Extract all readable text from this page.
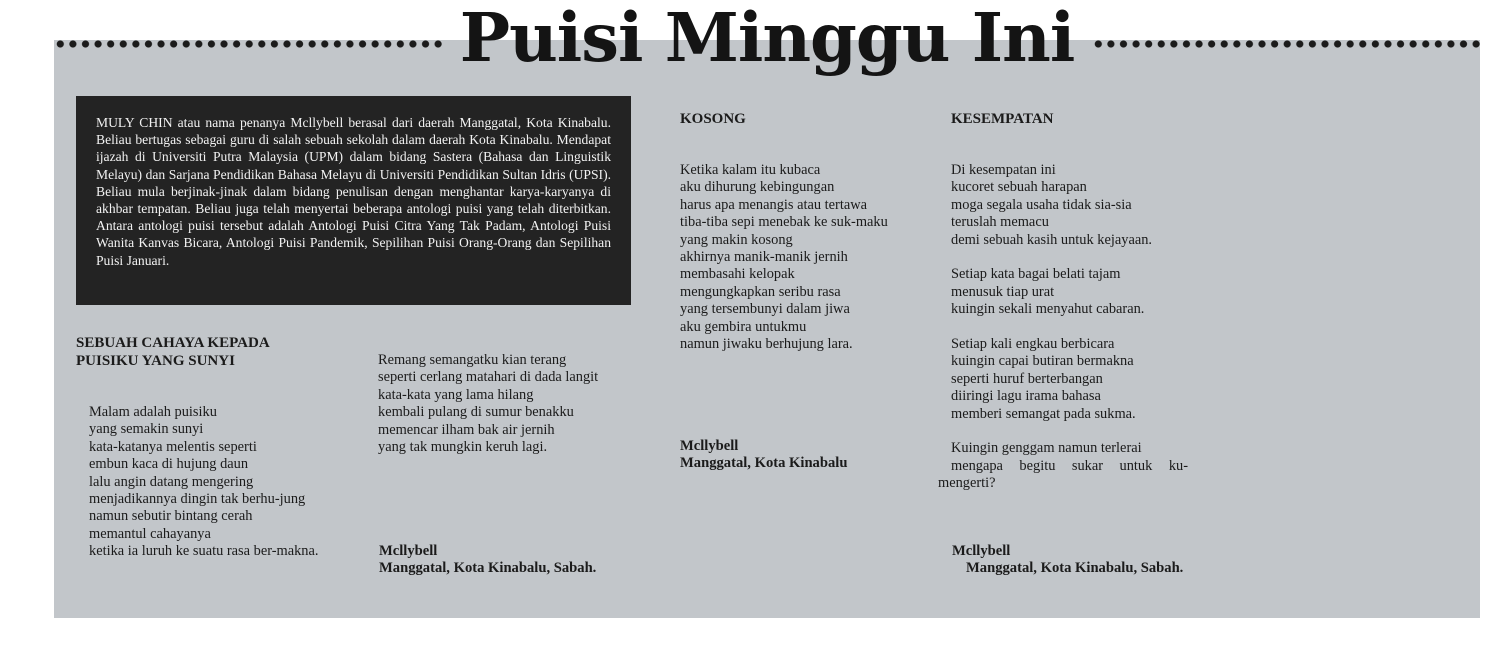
Puisi Minggu Ini
MULY CHIN atau nama penanya Mcllybell berasal dari daerah Manggatal, Kota Kinabalu. Beliau bertugas sebagai guru di salah sebuah sekolah dalam daerah Kota Kinabalu. Mendapat ijazah di Universiti Putra Malaysia (UPM) dalam bidang Sastera (Bahasa dan Linguistik Melayu) dan Sarjana Pendidikan Bahasa Melayu di Universiti Pendidikan Sultan Idris (UPSI). Beliau mula berjinak-jinak dalam bidang penulisan dengan menghantar karya-karyanya di akhbar tempatan. Beliau juga telah menyertai beberapa antologi puisi yang telah diterbitkan. Antara antologi puisi tersebut adalah Antologi Puisi Citra Yang Tak Padam, Antologi Puisi Wanita Kanvas Bicara, Antologi Puisi Pandemik, Sepilihan Puisi Orang-Orang dan Sepilihan Puisi Januari.
SEBUAH CAHAYA KEPADA
PUISIKU YANG SUNYI
Malam adalah puisiku
yang semakin sunyi
kata-katanya melentis seperti
embun kaca di hujung daun
lalu angin datang mengering
menjadikannya dingin tak berhu-jung
namun sebutir bintang cerah
memantul cahayanya
ketika ia luruh ke suatu rasa ber-makna.
Remang semangatku kian terang
seperti cerlang matahari di dada langit
kata-kata yang lama hilang
kembali pulang di sumur benakku
memencar ilham bak air jernih
yang tak mungkin keruh lagi.
Mcllybell
Manggatal, Kota Kinabalu, Sabah.
KOSONG
Ketika kalam itu kubaca
aku dihurung kebingungan
harus apa menangis atau tertawa
tiba-tiba sepi menebak ke suk-maku
yang makin kosong
akhirnya manik-manik jernih
membasahi kelopak
mengungkapkan seribu rasa
yang tersembunyi dalam jiwa
aku gembira untukmu
namun jiwaku berhujung lara.
Mcllybell
Manggatal, Kota Kinabalu
KESEMPATAN
Di kesempatan ini
kucoret sebuah harapan
moga segala usaha tidak sia-sia
teruslah memacu
demi sebuah kasih untuk kejayaan.
Setiap kata bagai belati tajam
menusuk tiap urat
kuingin sekali menyahut cabaran.
Setiap kali engkau berbicara
kuingin capai butiran bermakna
seperti huruf berterbangan
diiringi lagu irama bahasa
memberi semangat pada sukma.
Kuingin genggam namun terlerai
mengapa begitu sukar untuk ku-mengerti?
Mcllybell
Manggatal, Kota Kinabalu, Sabah.
